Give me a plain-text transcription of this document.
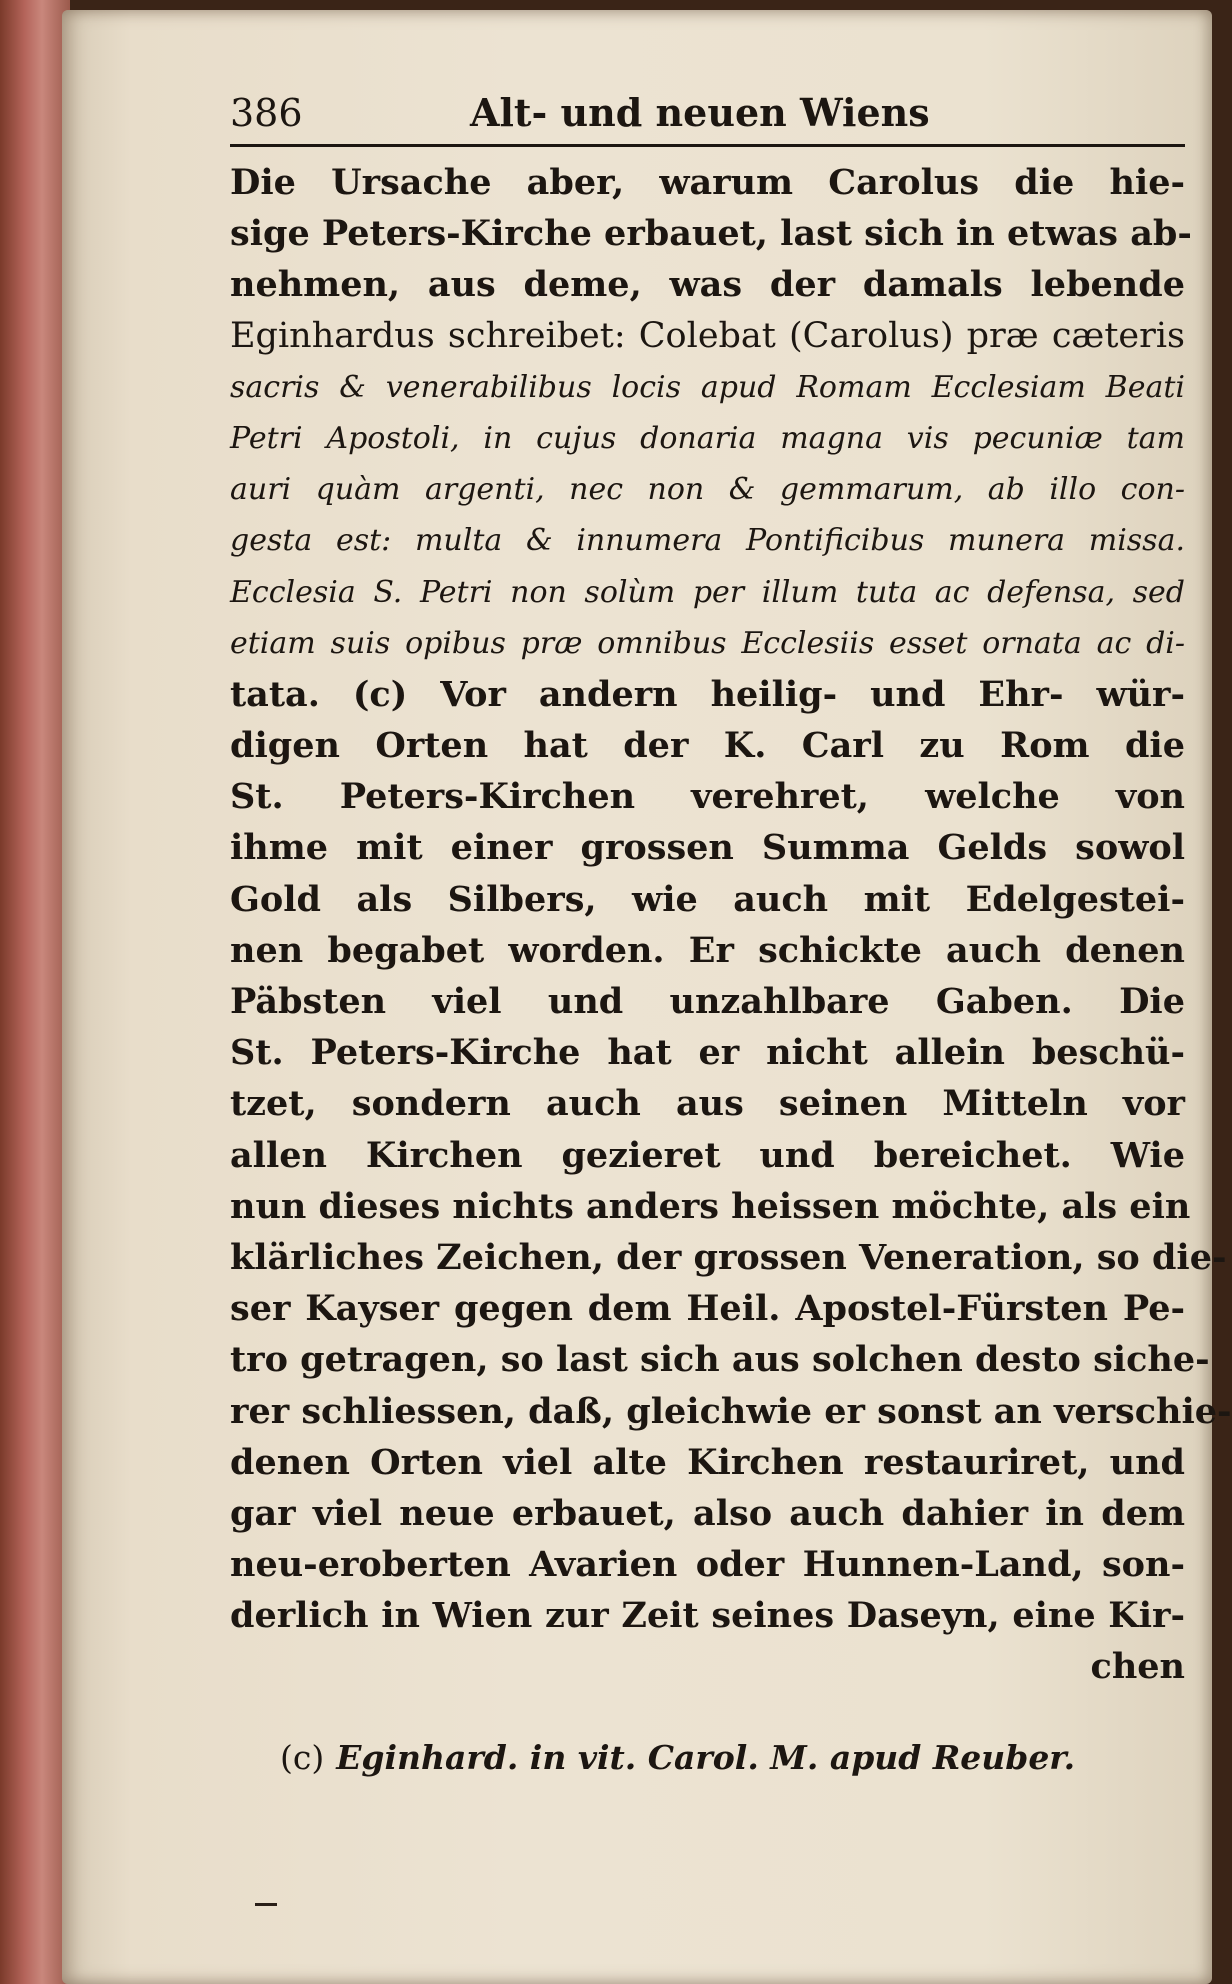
386	Alt- und neuen Wiens
Die Ursache aber, warum Carolus die hie-
sige Peters-Kirche erbauet, last sich in etwas ab-
nehmen, aus deme, was der damals lebende
Eginhardus schreibet: Colebat (Carolus) præ cæteris
sacris & venerabilibus locis apud Romam Ecclesiam Beati
Petri Apostoli, in cujus donaria magna vis pecuniæ tam
auri quàm argenti, nec non & gemmarum, ab illo con-
gesta est: multa & innumera Pontificibus munera missa.
Ecclesia S. Petri non solùm per illum tuta ac defensa, sed
etiam suis opibus præ omnibus Ecclesiis esset ornata ac di-
tata. (c) Vor andern heilig- und Ehr- wür-
digen Orten hat der K. Carl zu Rom die
St. Peters-Kirchen verehret, welche von
ihme mit einer grossen Summa Gelds sowol
Gold als Silbers, wie auch mit Edelgestei-
nen begabet worden. Er schickte auch denen
Päbsten viel und unzahlbare Gaben. Die
St. Peters-Kirche hat er nicht allein beschü-
tzet, sondern auch aus seinen Mitteln vor
allen Kirchen gezieret und bereichet. Wie
nun dieses nichts anders heissen möchte, als ein
klärliches Zeichen, der grossen Veneration, so die-
ser Kayser gegen dem Heil. Apostel-Fürsten Pe-
tro getragen, so last sich aus solchen desto siche-
rer schliessen, daß, gleichwie er sonst an verschie-
denen Orten viel alte Kirchen restauriret, und
gar viel neue erbauet, also auch dahier in dem
neu-eroberten Avarien oder Hunnen-Land, son-
derlich in Wien zur Zeit seines Daseyn, eine Kir-
chen
(c) Eginhard. in vit. Carol. M. apud Reuber.
